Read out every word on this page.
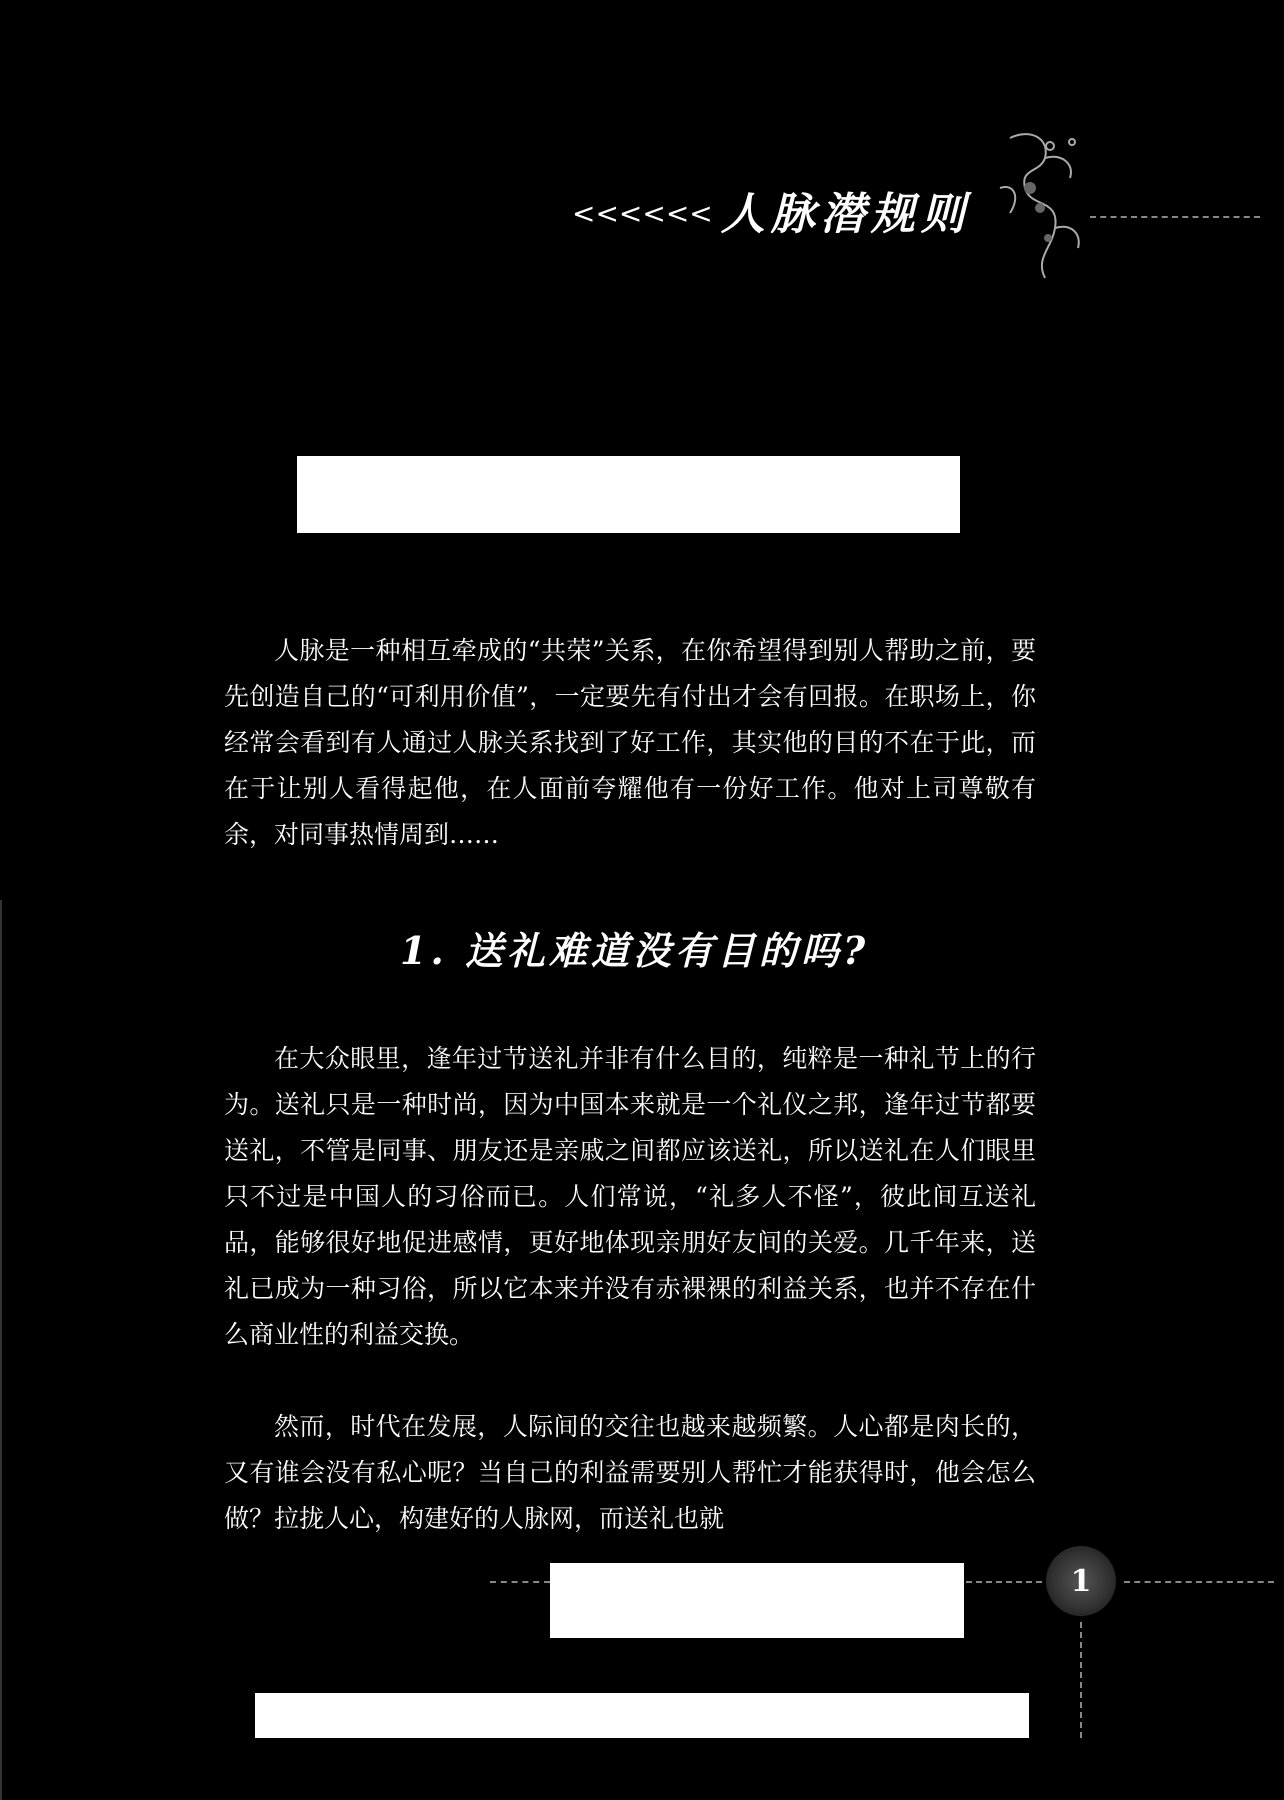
<<<<<< 人脉潜规则

人脉是一种相互牵成的“共荣”关系，在你希望得到别人帮助之前，要先创造自己的“可利用价值”，一定要先有付出才会有回报。在职场上，你经常会看到有人通过人脉关系找到了好工作，其实他的目的不在于此，而在于让别人看得起他，在人面前夸耀他有一份好工作。他对上司尊敬有余，对同事热情周到……

1. 送礼难道没有目的吗?

在大众眼里，逢年过节送礼并非有什么目的，纯粹是一种礼节上的行为。送礼只是一种时尚，因为中国本来就是一个礼仪之邦，逢年过节都要送礼，不管是同事、朋友还是亲戚之间都应该送礼，所以送礼在人们眼里只不过是中国人的习俗而已。人们常说，“礼多人不怪”，彼此间互送礼品，能够很好地促进感情，更好地体现亲朋好友间的关爱。几千年来，送礼已成为一种习俗，所以它本来并没有赤裸裸的利益关系，也并不存在什么商业性的利益交换。

然而，时代在发展，人际间的交往也越来越频繁。人心都是肉长的，又有谁会没有私心呢？当自己的利益需要别人帮忙才能获得时，他会怎么做？拉拢人心，构建好的人脉网，而送礼也就

1
